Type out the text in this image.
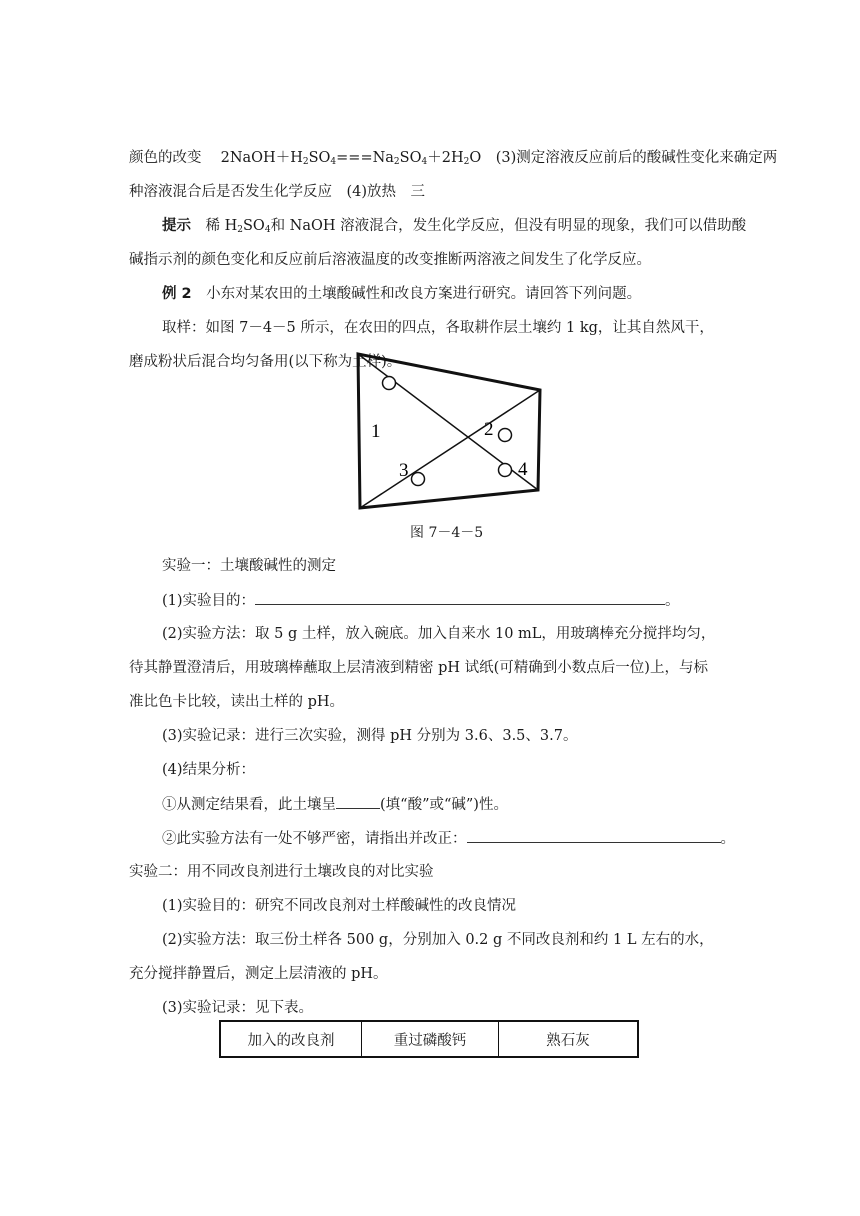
颜色的改变　 $2NaOH+H_2SO_4===Na_2SO_4+2H_2O$　(3)测定溶液反应前后的酸碱性变化来确定两
种溶液混合后是否发生化学反应　(4)放热　三
提示　稀 $H_2SO_4$和 NaOH 溶液混合，发生化学反应，但没有明显的现象，我们可以借助酸
碱指示剂的颜色变化和反应前后溶液温度的改变推断两溶液之间发生了化学反应。
例 2　小东对某农田的土壤酸碱性和改良方案进行研究。请回答下列问题。
取样：如图 7－4－5 所示，在农田的四点，各取耕作层土壤约 1 kg，让其自然风干，
磨成粉状后混合均匀备用(以下称为土样)。
1	2
3	4
图 7－4－5
实验一：土壤酸碱性的测定
(1)实验目的：	。
(2)实验方法：取 5 g 土样，放入碗底。加入自来水 10 mL，用玻璃棒充分搅拌均匀，
待其静置澄清后，用玻璃棒蘸取上层清液到精密 pH 试纸(可精确到小数点后一位)上，与标
准比色卡比较，读出土样的 pH。
(3)实验记录：进行三次实验，测得 pH 分别为 3.6、3.5、3.7。
(4)结果分析：
①从测定结果看，此土壤呈	(填“酸”或“碱”)性。
②此实验方法有一处不够严密，请指出并改正：	。
实验二：用不同改良剂进行土壤改良的对比实验
(1)实验目的：研究不同改良剂对土样酸碱性的改良情况
(2)实验方法：取三份土样各 500 g，分别加入 0.2 g 不同改良剂和约 1 L 左右的水，
充分搅拌静置后，测定上层清液的 pH。
(3)实验记录：见下表。
加入的改良剂	重过磷酸钙	熟石灰
